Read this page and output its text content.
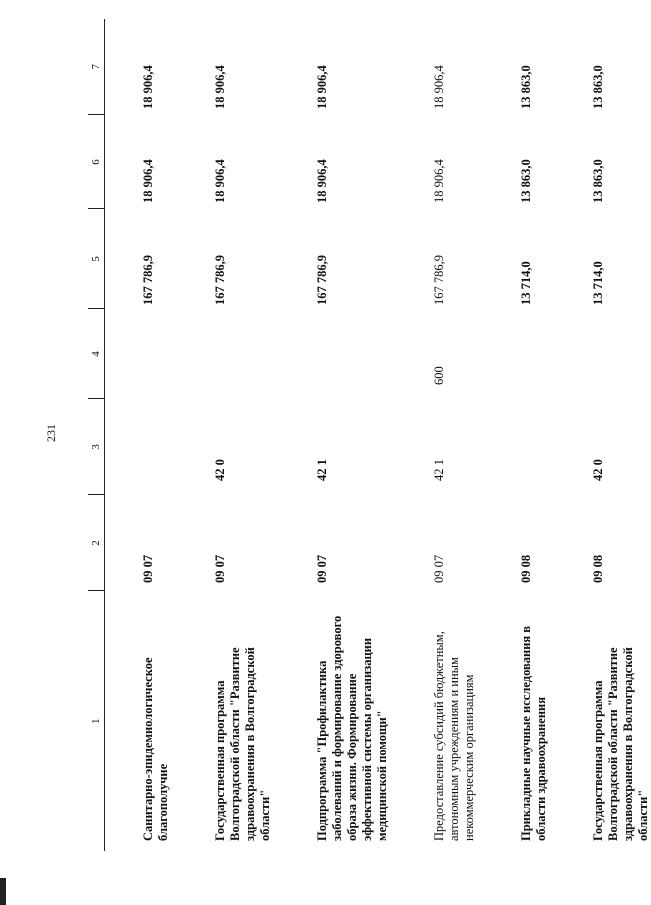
231
1	2	3	4	5	6	7
Санитарно-эпидемиологическое благополучие	09 07			167 786,9	18 906,4	18 906,4
Государственная программа Волгоградской области "Развитие здравоохранения в Волгоградской области"	09 07	42 0		167 786,9	18 906,4	18 906,4
Подпрограмма "Профилактика заболеваний и формирование здорового образа жизни. Формирование эффективной системы организации медицинской помощи"	09 07	42 1		167 786,9	18 906,4	18 906,4
Предоставление субсидий бюджетным, автономным учреждениям и иным некоммерческим организациям	09 07	42 1	600	167 786,9	18 906,4	18 906,4
Прикладные научные исследования в области здравоохранения	09 08			13 714,0	13 863,0	13 863,0
Государственная программа Волгоградской области "Развитие здравоохранения в Волгоградской области"	09 08	42 0		13 714,0	13 863,0	13 863,0
